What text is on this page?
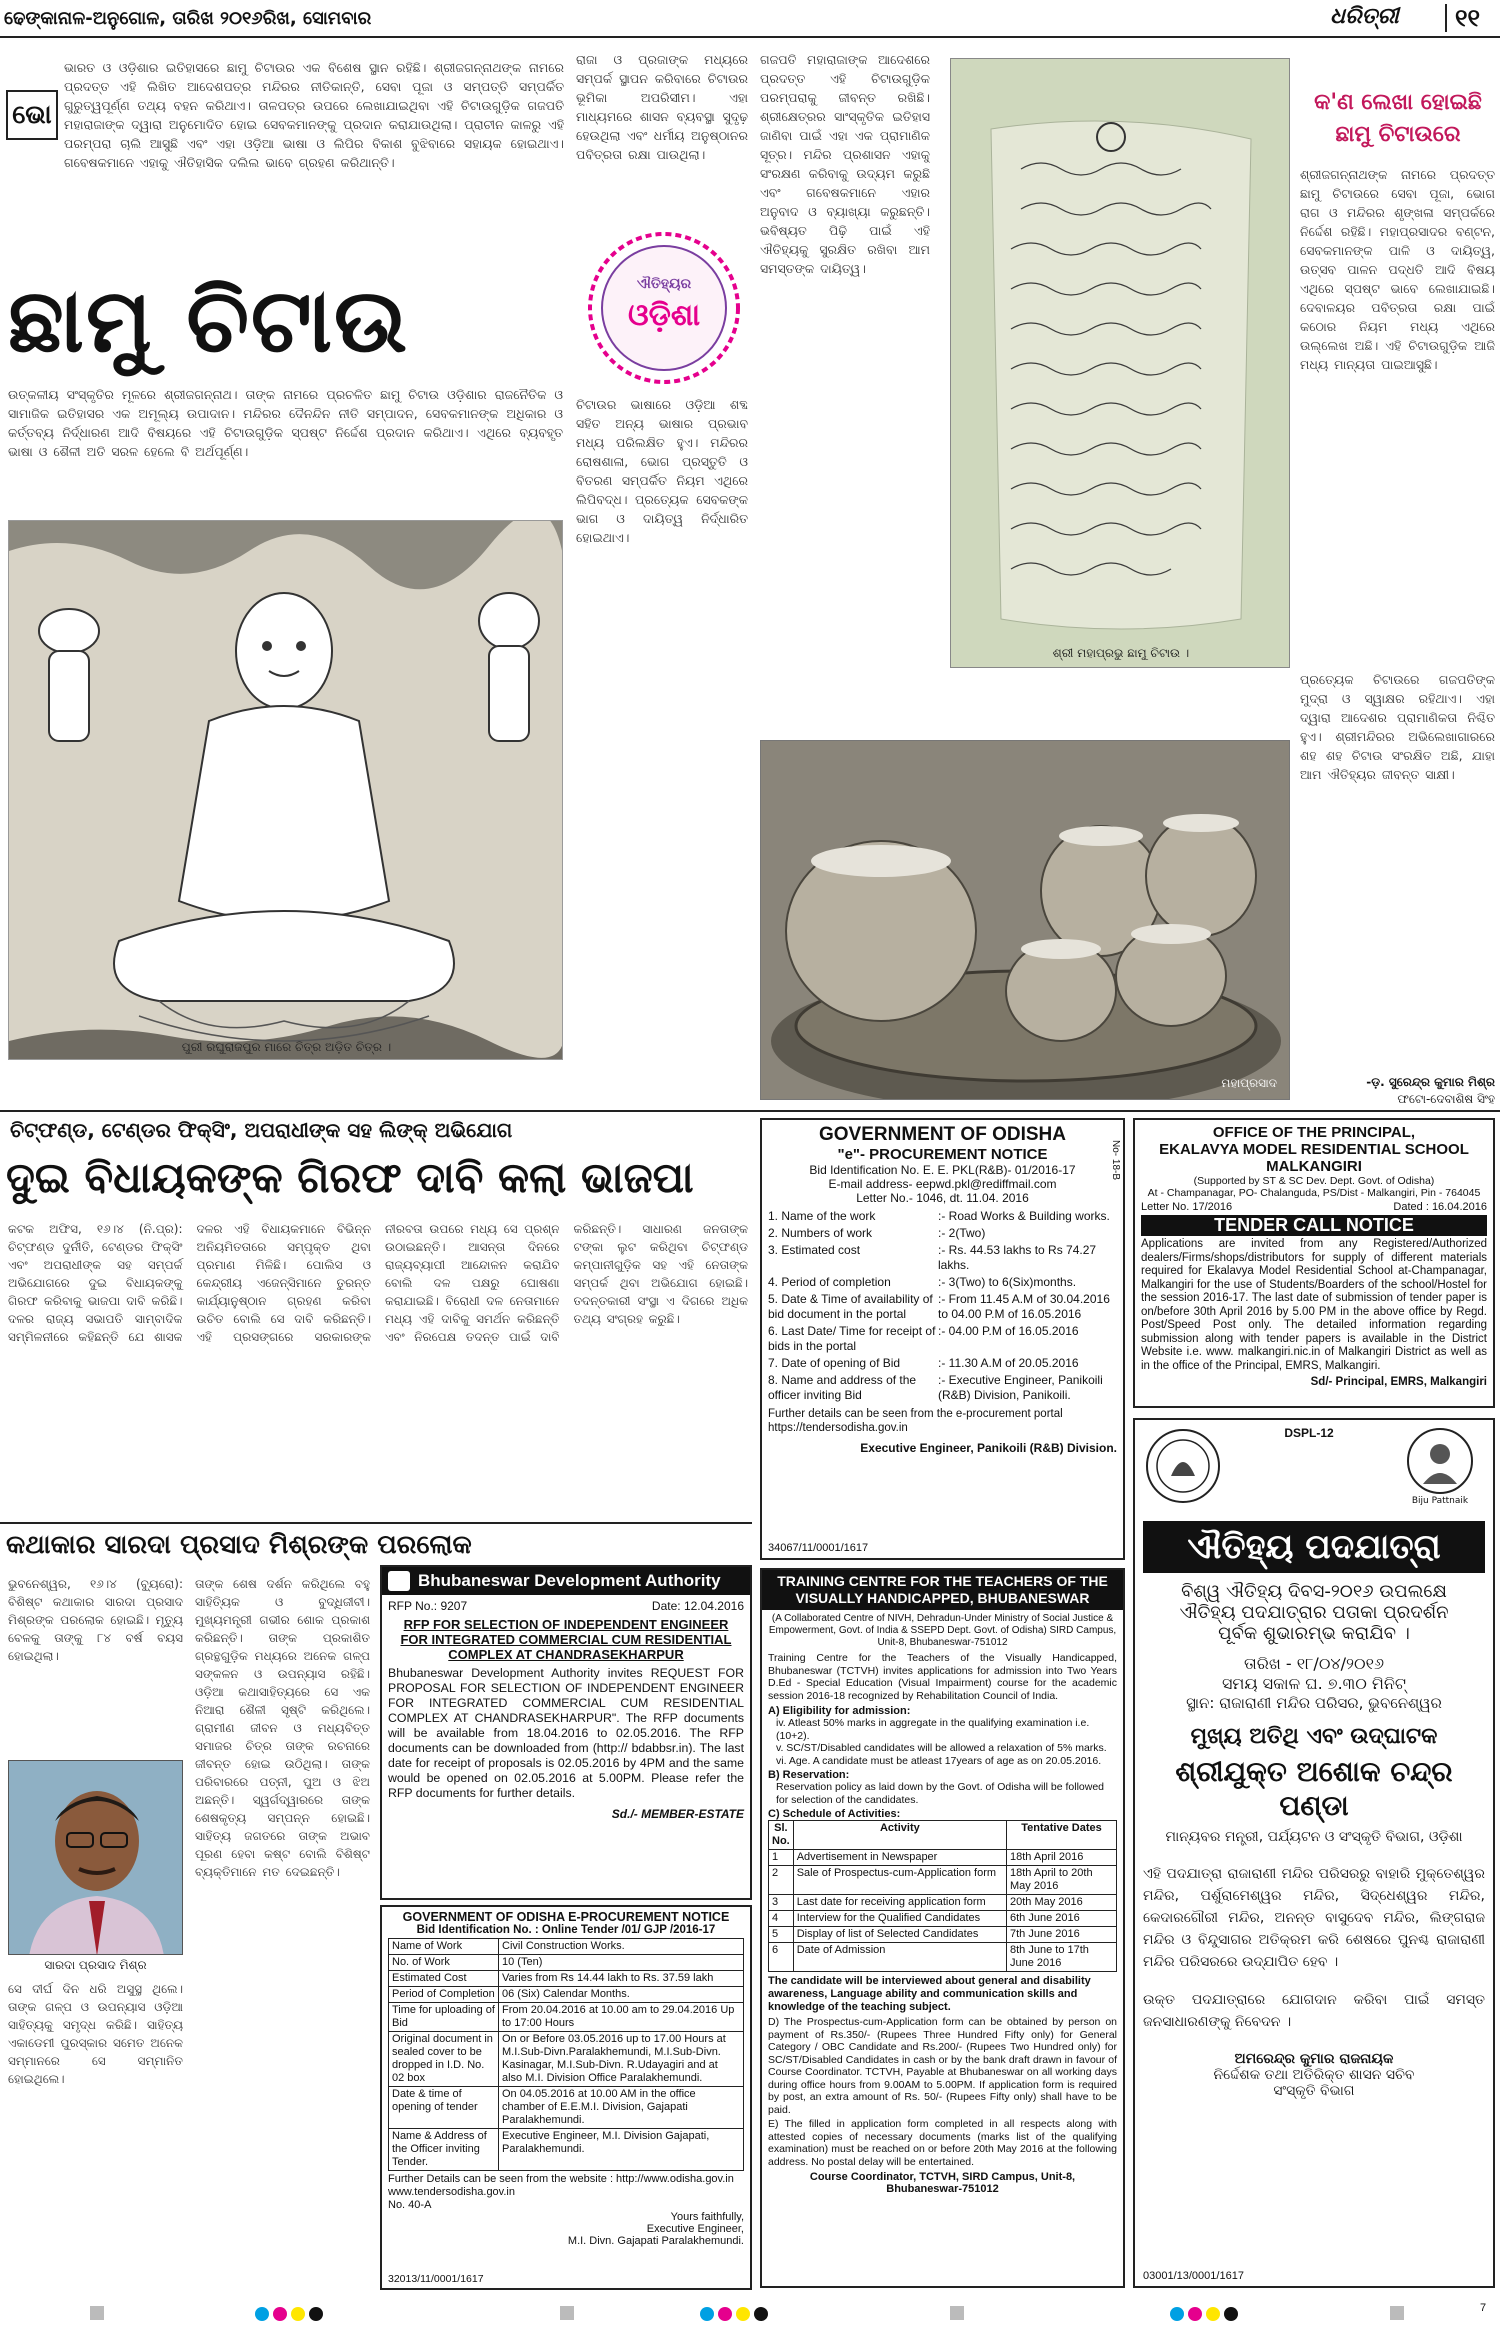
ଢେଙ୍କାନାଳ-ଅନୁଗୋଳ, ତାରିଖ ୨୦୧୬ରିଖ, ସୋମବାର	ଧରିତ୍ରୀ	୧୧
ଭୋ
ଭାରତ ଓ ଓଡ଼ିଶାର ଇତିହାସରେ ଛାମୁ ଚିଟାଉର ଏକ ବିଶେଷ ସ୍ଥାନ ରହିଛି। ଶ୍ରୀଜଗନ୍ନାଥଙ୍କ ନାମରେ ପ୍ରଦତ୍ତ ଏହି ଲିଖିତ ଆଦେଶପତ୍ର ମନ୍ଦିରର ନୀତିକାନ୍ତି, ସେବା ପୂଜା ଓ ସମ୍ପତ୍ତି ସମ୍ପର୍କିତ ଗୁରୁତ୍ୱପୂର୍ଣ୍ଣ ତଥ୍ୟ ବହନ କରିଥାଏ। ତାଳପତ୍ର ଉପରେ ଲେଖାଯାଇଥିବା ଏହି ଚିଟାଉଗୁଡ଼ିକ ଗଜପତି ମହାରାଜାଙ୍କ ଦ୍ୱାରା ଅନୁମୋଦିତ ହୋଇ ସେବକମାନଙ୍କୁ ପ୍ରଦାନ କରାଯାଉଥିଲା। ପ୍ରାଚୀନ କାଳରୁ ଏହି ପରମ୍ପରା ଚାଲି ଆସୁଛି ଏବଂ ଏହା ଓଡ଼ିଆ ଭାଷା ଓ ଲିପିର ବିକାଶ ବୁଝିବାରେ ସହାୟକ ହୋଇଥାଏ। ଗବେଷକମାନେ ଏହାକୁ ଐତିହାସିକ ଦଲିଲ ଭାବେ ଗ୍ରହଣ କରିଥାନ୍ତି।
ଛାମୁ ଚିଟାଉ
ଉତ୍କଳୀୟ ସଂସ୍କୃତିର ମୂଳରେ ଶ୍ରୀଜଗନ୍ନାଥ। ତାଙ୍କ ନାମରେ ପ୍ରଚଳିତ ଛାମୁ ଚିଟାଉ ଓଡ଼ିଶାର ରାଜନୈତିକ ଓ ସାମାଜିକ ଇତିହାସର ଏକ ଅମୂଲ୍ୟ ଉପାଦାନ। ମନ୍ଦିରର ଦୈନନ୍ଦିନ ନୀତି ସମ୍ପାଦନ, ସେବକମାନଙ୍କ ଅଧିକାର ଓ କର୍ତ୍ତବ୍ୟ ନିର୍ଦ୍ଧାରଣ ଆଦି ବିଷୟରେ ଏହି ଚିଟାଉଗୁଡ଼ିକ ସ୍ପଷ୍ଟ ନିର୍ଦ୍ଦେଶ ପ୍ରଦାନ କରିଥାଏ। ଏଥିରେ ବ୍ୟବହୃତ ଭାଷା ଓ ଶୈଳୀ ଅତି ସରଳ ହେଲେ ବି ଅର୍ଥପୂର୍ଣ୍ଣ।
ପୁରୀ ରଘୁରାଜପୁର ମାରେ ଚିତ୍ର ଅଡ଼ିତ ଚିତ୍ର ।
ରାଜା ଓ ପ୍ରଜାଙ୍କ ମଧ୍ୟରେ ସମ୍ପର୍କ ସ୍ଥାପନ କରିବାରେ ଚିଟାଉର ଭୂମିକା ଅପରିସୀମ। ଏହା ମାଧ୍ୟମରେ ଶାସନ ବ୍ୟବସ୍ଥା ସୁଦୃଢ଼ ହେଉଥିଲା ଏବଂ ଧର୍ମୀୟ ଅନୁଷ୍ଠାନର ପବିତ୍ରତା ରକ୍ଷା ପାଉଥିଲା।
ଐତିହ୍ୟର
ଓଡ଼ିଶା
ଚିଟାଉର ଭାଷାରେ ଓଡ଼ିଆ ଶବ୍ଦ ସହିତ ଅନ୍ୟ ଭାଷାର ପ୍ରଭାବ ମଧ୍ୟ ପରିଲକ୍ଷିତ ହୁଏ। ମନ୍ଦିରର ରୋଷଶାଳା, ଭୋଗ ପ୍ରସ୍ତୁତି ଓ ବିତରଣ ସମ୍ପର୍କିତ ନିୟମ ଏଥିରେ ଲିପିବଦ୍ଧ। ପ୍ରତ୍ୟେକ ସେବକଙ୍କ ଭାଗ ଓ ଦାୟିତ୍ୱ ନିର୍ଦ୍ଧାରିତ ହୋଇଥାଏ।
ଗଜପତି ମହାରାଜାଙ୍କ ଆଦେଶରେ ପ୍ରଦତ୍ତ ଏହି ଚିଟାଉଗୁଡ଼ିକ ପରମ୍ପରାକୁ ଜୀବନ୍ତ ରଖିଛି। ଶ୍ରୀକ୍ଷେତ୍ରର ସାଂସ୍କୃତିକ ଇତିହାସ ଜାଣିବା ପାଇଁ ଏହା ଏକ ପ୍ରାମାଣିକ ସୂତ୍ର। ମନ୍ଦିର ପ୍ରଶାସନ ଏହାକୁ ସଂରକ୍ଷଣ କରିବାକୁ ଉଦ୍ୟମ କରୁଛି ଏବଂ ଗବେଷକମାନେ ଏହାର ଅନୁବାଦ ଓ ବ୍ୟାଖ୍ୟା କରୁଛନ୍ତି। ଭବିଷ୍ୟତ ପିଢ଼ି ପାଇଁ ଏହି ଐତିହ୍ୟକୁ ସୁରକ୍ଷିତ ରଖିବା ଆମ ସମସ୍ତଙ୍କ ଦାୟିତ୍ୱ।
ଶ୍ରୀ ମହାପ୍ରଭୁ ଛାମୁ ଚିଟାଉ ।
କ'ଣ ଲେଖା ହୋଇଛି
ଛାମୁ ଚିଟାଉରେ
ଶ୍ରୀଜଗନ୍ନାଥଙ୍କ ନାମରେ ପ୍ରଦତ୍ତ ଛାମୁ ଚିଟାଉରେ ସେବା ପୂଜା, ଭୋଗ ରାଗ ଓ ମନ୍ଦିରର ଶୃଙ୍ଖଳା ସମ୍ପର୍କରେ ନିର୍ଦ୍ଦେଶ ରହିଛି। ମହାପ୍ରସାଦର ବଣ୍ଟନ, ସେବକମାନଙ୍କ ପାଳି ଓ ଦାୟିତ୍ୱ, ଉତ୍ସବ ପାଳନ ପଦ୍ଧତି ଆଦି ବିଷୟ ଏଥିରେ ସ୍ପଷ୍ଟ ଭାବେ ଲେଖାଯାଇଛି। ଦେବାଳୟର ପବିତ୍ରତା ରକ୍ଷା ପାଇଁ କଠୋର ନିୟମ ମଧ୍ୟ ଏଥିରେ ଉଲ୍ଲେଖ ଅଛି। ଏହି ଚିଟାଉଗୁଡ଼ିକ ଆଜି ମଧ୍ୟ ମାନ୍ୟତା ପାଇଆସୁଛି।
ମହାପ୍ରସାଦ
ପ୍ରତ୍ୟେକ ଚିଟାଉରେ ଗଜପତିଙ୍କ ମୁଦ୍ରା ଓ ସ୍ୱାକ୍ଷର ରହିଥାଏ। ଏହା ଦ୍ୱାରା ଆଦେଶର ପ୍ରାମାଣିକତା ନିଶ୍ଚିତ ହୁଏ। ଶ୍ରୀମନ୍ଦିରର ଅଭିଲେଖାଗାରରେ ଶହ ଶହ ଚିଟାଉ ସଂରକ୍ଷିତ ଅଛି, ଯାହା ଆମ ଐତିହ୍ୟର ଜୀବନ୍ତ ସାକ୍ଷୀ।
-ଡ଼. ସୁରେନ୍ଦ୍ର କୁମାର ମିଶ୍ର
ଫଟୋ-ଦେବାଶିଷ ସିଂହ
ଚିଟ୍‌ଫଣ୍ଡ, ଟେଣ୍ଡର ଫିକ୍ସିଂ, ଅପରାଧୀଙ୍କ ସହ ଲିଙ୍କ୍ ଅଭିଯୋଗ
ଦୁଇ ବିଧାୟକଙ୍କ ଗିରଫ ଦାବି କଲା ଭାଜପା
କଟକ ଅଫିସ, ୧୬।୪ (ନି.ପ୍ର): ଚିଟ୍‌ଫଣ୍ଡ ଦୁର୍ନୀତି, ଟେଣ୍ଡର ଫିକ୍ସିଂ ଏବଂ ଅପରାଧୀଙ୍କ ସହ ସମ୍ପର୍କ ଅଭିଯୋଗରେ ଦୁଇ ବିଧାୟକଙ୍କୁ ଗିରଫ କରିବାକୁ ଭାଜପା ଦାବି କରିଛି। ଦଳର ରାଜ୍ୟ ସଭାପତି ସାମ୍ବାଦିକ ସମ୍ମିଳନୀରେ କହିଛନ୍ତି ଯେ ଶାସକ ଦଳର ଏହି ବିଧାୟକମାନେ ବିଭିନ୍ନ ଅନିୟମିତତାରେ ସମ୍ପୃକ୍ତ ଥିବା ପ୍ରମାଣ ମିଳିଛି। ପୋଲିସ ଓ କେନ୍ଦ୍ରୀୟ ଏଜେନ୍ସିମାନେ ତୁରନ୍ତ କାର୍ଯ୍ୟାନୁଷ୍ଠାନ ଗ୍ରହଣ କରିବା ଉଚିତ ବୋଲି ସେ ଦାବି କରିଛନ୍ତି। ଏହି ପ୍ରସଙ୍ଗରେ ସରକାରଙ୍କ ନୀରବତା ଉପରେ ମଧ୍ୟ ସେ ପ୍ରଶ୍ନ ଉଠାଇଛନ୍ତି। ଆସନ୍ତା ଦିନରେ ରାଜ୍ୟବ୍ୟାପୀ ଆନ୍ଦୋଳନ କରାଯିବ ବୋଲି ଦଳ ପକ୍ଷରୁ ଘୋଷଣା କରାଯାଇଛି। ବିରୋଧୀ ଦଳ ନେତାମାନେ ମଧ୍ୟ ଏହି ଦାବିକୁ ସମର୍ଥନ କରିଛନ୍ତି ଏବଂ ନିରପେକ୍ଷ ତଦନ୍ତ ପାଇଁ ଦାବି କରିଛନ୍ତି। ସାଧାରଣ ଜନତାଙ୍କ ଟଙ୍କା ଲୁଟ କରିଥିବା ଚିଟ୍‌ଫଣ୍ଡ କମ୍ପାନୀଗୁଡ଼ିକ ସହ ଏହି ନେତାଙ୍କ ସମ୍ପର୍କ ଥିବା ଅଭିଯୋଗ ହୋଇଛି। ତଦନ୍ତକାରୀ ସଂସ୍ଥା ଏ ଦିଗରେ ଅଧିକ ତଥ୍ୟ ସଂଗ୍ରହ କରୁଛି।
କଥାକାର ସାରଦା ପ୍ରସାଦ ମିଶ୍ରଙ୍କ ପରଲୋକ
ଭୁବନେଶ୍ୱର, ୧୬।୪ (ବ୍ୟୁରୋ): ବିଶିଷ୍ଟ କଥାକାର ସାରଦା ପ୍ରସାଦ ମିଶ୍ରଙ୍କ ପରଲୋକ ହୋଇଛି। ମୃତ୍ୟୁ ବେଳକୁ ତାଙ୍କୁ ୮୪ ବର୍ଷ ବୟସ ହୋଇଥିଲା।
ସାରଦା ପ୍ରସାଦ ମିଶ୍ର
ସେ ଦୀର୍ଘ ଦିନ ଧରି ଅସୁସ୍ଥ ଥିଲେ। ତାଙ୍କ ଗଳ୍ପ ଓ ଉପନ୍ୟାସ ଓଡ଼ିଆ ସାହିତ୍ୟକୁ ସମୃଦ୍ଧ କରିଛି। ସାହିତ୍ୟ ଏକାଡେମୀ ପୁରସ୍କାର ସମେତ ଅନେକ ସମ୍ମାନରେ ସେ ସମ୍ମାନିତ ହୋଇଥିଲେ।
ତାଙ୍କ ଶେଷ ଦର୍ଶନ କରିଥିଲେ ବହୁ ସାହିତ୍ୟିକ ଓ ବୁଦ୍ଧିଜୀବୀ। ମୁଖ୍ୟମନ୍ତ୍ରୀ ଗଭୀର ଶୋକ ପ୍ରକାଶ କରିଛନ୍ତି। ତାଙ୍କ ପ୍ରକାଶିତ ଗ୍ରନ୍ଥଗୁଡ଼ିକ ମଧ୍ୟରେ ଅନେକ ଗଳ୍ପ ସଙ୍କଳନ ଓ ଉପନ୍ୟାସ ରହିଛି। ଓଡ଼ିଆ କଥାସାହିତ୍ୟରେ ସେ ଏକ ନିଆରା ଶୈଳୀ ସୃଷ୍ଟି କରିଥିଲେ। ଗ୍ରାମୀଣ ଜୀବନ ଓ ମଧ୍ୟବିତ୍ତ ସମାଜର ଚିତ୍ର ତାଙ୍କ ରଚନାରେ ଜୀବନ୍ତ ହୋଇ ଉଠିଥିଲା। ତାଙ୍କ ପରିବାରରେ ପତ୍ନୀ, ପୁଅ ଓ ଝିଅ ଅଛନ୍ତି। ସ୍ୱର୍ଗଦ୍ୱାରରେ ତାଙ୍କ ଶେଷକୃତ୍ୟ ସମ୍ପନ୍ନ ହୋଇଛି। ସାହିତ୍ୟ ଜଗତରେ ତାଙ୍କ ଅଭାବ ପୂରଣ ହେବା କଷ୍ଟ ବୋଲି ବିଶିଷ୍ଟ ବ୍ୟକ୍ତିମାନେ ମତ ଦେଇଛନ୍ତି।
GOVERNMENT OF ODISHA
"e"- PROCUREMENT NOTICE
Bid Identification No. E. E. PKL(R&B)- 01/2016-17
E-mail address- eepwd.pkl@rediffmail.com
Letter No.- 1046, dt. 11.04. 2016
No- 18-B
1. Name of the work	:- Road Works & Building works.
2. Numbers of work	:- 2(Two)
3. Estimated cost	:- Rs. 44.53 lakhs to Rs 74.27 lakhs.
4. Period of completion	:- 3(Two) to 6(Six)months.
5. Date & Time of availability of bid document in the portal
:- From 11.45 A.M of 30.04.2016 to 04.00 P.M of 16.05.2016
6. Last Date/ Time for receipt of bids in the portal
:- 04.00 P.M of 16.05.2016
7. Date of opening of Bid	:- 11.30 A.M of 20.05.2016
8. Name and address of the officer inviting Bid
:- Executive Engineer, Panikoili (R&B) Division, Panikoili.
Further details can be seen from the e-procurement portal https://tendersodisha.gov.in
Executive Engineer, Panikoili (R&B) Division.
34067/11/0001/1617
OFFICE OF THE PRINCIPAL,
EKALAVYA MODEL RESIDENTIAL SCHOOL
MALKANGIRI
(Supported by ST & SC Dev. Dept. Govt. of Odisha)
At - Champanagar, PO- Chalanguda, PS/Dist - Malkangiri, Pin - 764045
Letter No. 17/2016	Dated : 16.04.2016
TENDER CALL NOTICE
Applications are invited from any Registered/Authorized dealers/Firms/shops/distributors for supply of different materials required for Ekalavya Model Residential School at-Champanagar, Malkangiri for the use of Students/Boarders of the school/Hostel for the session 2016-17. The last date of submission of tender paper is on/before 30th April 2016 by 5.00 PM in the above office by Regd. Post/Speed Post only. The detailed information regarding submission along with tender papers is available in the District Website i.e. www. malkangiri.nic.in of Malkangiri District as well as in the office of the Principal, EMRS, Malkangiri.
Sd/- Principal, EMRS, Malkangiri
DSPL-12
Biju Pattnaik
ଐତିହ୍ୟ ପଦଯାତ୍ରା
ବିଶ୍ୱ ଐତିହ୍ୟ ଦିବସ-୨୦୧୬ ଉପଲକ୍ଷେ
ଐତିହ୍ୟ ପଦଯାତ୍ରାର ପତାକା ପ୍ରଦର୍ଶନ
ପୂର୍ବକ ଶୁଭାରମ୍ଭ କରାଯିବ ।
ତାରିଖ - ୧୮/୦୪/୨୦୧୬
ସମୟ ସକାଳ ଘ. ୭.୩୦ ମିନିଟ୍
ସ୍ଥାନ: ରାଜାରାଣୀ ମନ୍ଦିର ପରିସର, ଭୁବନେଶ୍ୱର
ମୁଖ୍ୟ ଅତିଥି ଏବଂ ଉଦ୍‌ଘାଟକ
ଶ୍ରୀଯୁକ୍ତ ଅଶୋକ ଚନ୍ଦ୍ର ପଣ୍ଡା
ମାନ୍ୟବର ମନ୍ତ୍ରୀ, ପର୍ଯ୍ୟଟନ ଓ ସଂସ୍କୃତି ବିଭାଗ, ଓଡ଼ିଶା
ଏହି ପଦଯାତ୍ରା ରାଜାରାଣୀ ମନ୍ଦିର ପରିସରରୁ ବାହାରି ମୁକ୍ତେଶ୍ୱର ମନ୍ଦିର, ପର୍ଶୁରାମେଶ୍ୱର ମନ୍ଦିର, ସିଦ୍ଧେଶ୍ୱର ମନ୍ଦିର, କେଦାରଗୌରୀ ମନ୍ଦିର, ଅନନ୍ତ ବାସୁଦେବ ମନ୍ଦିର, ଲିଙ୍ଗରାଜ ମନ୍ଦିର ଓ ବିନ୍ଦୁସାଗର ଅତିକ୍ରମ କରି ଶେଷରେ ପୁନଶ୍ଚ ରାଜାରାଣୀ ମନ୍ଦିର ପରିସରରେ ଉଦ୍‌ଯାପିତ ହେବ ।
ଉକ୍ତ ପଦଯାତ୍ରାରେ ଯୋଗଦାନ କରିବା ପାଇଁ ସମସ୍ତ ଜନସାଧାରଣଙ୍କୁ ନିବେଦନ ।
ଅମରେନ୍ଦ୍ର କୁମାର ରାଜନାୟକ
ନିର୍ଦ୍ଦେଶକ ତଥା ଅତିରିକ୍ତ ଶାସନ ସଚିବ
ସଂସ୍କୃତି ବିଭାଗ
03001/13/0001/1617
Bhubaneswar Development Authority
RFP No.: 9207	Date: 12.04.2016
RFP FOR SELECTION OF INDEPENDENT ENGINEER FOR INTEGRATED COMMERCIAL CUM RESIDENTIAL COMPLEX AT CHANDRASEKHARPUR
Bhubaneswar Development Authority invites REQUEST FOR PROPOSAL FOR SELECTION OF INDEPENDENT ENGINEER FOR INTEGRATED COMMERCIAL CUM RESIDENTIAL COMPLEX AT CHANDRASEKHARPUR". The RFP documents will be available from 18.04.2016 to 02.05.2016. The RFP documents can be downloaded from (http:// bdabbsr.in). The last date for receipt of proposals is 02.05.2016 by 4PM and the same would be opened on 02.05.2016 at 5.00PM. Please refer the RFP documents for further details.
Sd./- MEMBER-ESTATE
GOVERNMENT OF ODISHA E-PROCUREMENT NOTICE
Bid Identification No. : Online Tender /01/ GJP /2016-17
Name of Work	Civil Construction Works.
No. of Work	10 (Ten)
Estimated Cost	Varies from Rs 14.44 lakh to Rs. 37.59 lakh
Period of Completion	06 (Six) Calendar Months.
Time for uploading of Bid	From 20.04.2016 at 10.00 am to 29.04.2016 Up to 17:00 Hours
Original document in sealed cover to be dropped in I.D. No. 02 box	On or Before 03.05.2016 up to 17.00 Hours at M.I.Sub-Divn.Paralakhemundi, M.I.Sub-Divn. Kasinagar, M.I.Sub-Divn. R.Udayagiri and at also M.I. Division Office Paralakhemundi.
Date & time of opening of tender	On 04.05.2016 at 10.00 AM in the office chamber of E.E.M.I. Division, Gajapati Paralakhemundi.
Name & Address of the Officer inviting Tender.	Executive Engineer, M.I. Division Gajapati, Paralakhemundi.
Further Details can be seen from the website : http://www.odisha.gov.in www.tendersodisha.gov.in
No. 40-A
Yours faithfully,
Executive Engineer,
M.I. Divn. Gajapati Paralakhemundi.
32013/11/0001/1617
TRAINING CENTRE FOR THE TEACHERS OF THE VISUALLY HANDICAPPED, BHUBANESWAR
(A Collaborated Centre of NIVH, Dehradun-Under Ministry of Social Justice & Empowerment, Govt. of India & SSEPD Dept. Govt. of Odisha) SIRD Campus, Unit-8, Bhubaneswar-751012
Training Centre for the Teachers of the Visually Handicapped, Bhubaneswar (TCTVH) invites applications for admission into Two Years D.Ed - Special Education (Visual Impairment) course for the academic session 2016-18 recognized by Rehabilitation Council of India.
A) Eligibility for admission:
iv. Atleast 50% marks in aggregate in the qualifying examination i.e. (10+2).
v. SC/ST/Disabled candidates will be allowed a relaxation of 5% marks.
vi. Age. A candidate must be atleast 17years of age as on 20.05.2016.
B) Reservation:
Reservation policy as laid down by the Govt. of Odisha will be followed for selection of the candidates.
C) Schedule of Activities:
Sl. No.	Activity	Tentative Dates
1	Advertisement in Newspaper	18th April 2016
2	Sale of Prospectus-cum-Application form	18th April to 20th May 2016
3	Last date for receiving application form	20th May 2016
4	Interview for the Qualified Candidates	6th June 2016
5	Display of list of Selected Candidates	7th June 2016
6	Date of Admission	8th June to 17th June 2016
The candidate will be interviewed about general and disability awareness, Language ability and communication skills and knowledge of the teaching subject.
D) The Prospectus-cum-Application form can be obtained by person on payment of Rs.350/- (Rupees Three Hundred Fifty only) for General Category / OBC Candidate and Rs.200/- (Rupees Two Hundred only) for SC/ST/Disabled Candidates in cash or by the bank draft drawn in favour of Course Coordinator. TCTVH, Payable at Bhubaneswar on all working days during office hours from 9.00AM to 5.00PM. If application form is required by post, an extra amount of Rs. 50/- (Rupees Fifty only) shall have to be paid.
E) The filled in application form completed in all respects along with attested copies of necessary documents (marks list of the qualifying examination) must be reached on or before 20th May 2016 at the following address. No postal delay will be entertained.
Course Coordinator, TCTVH, SIRD Campus, Unit-8,
Bhubaneswar-751012
7
